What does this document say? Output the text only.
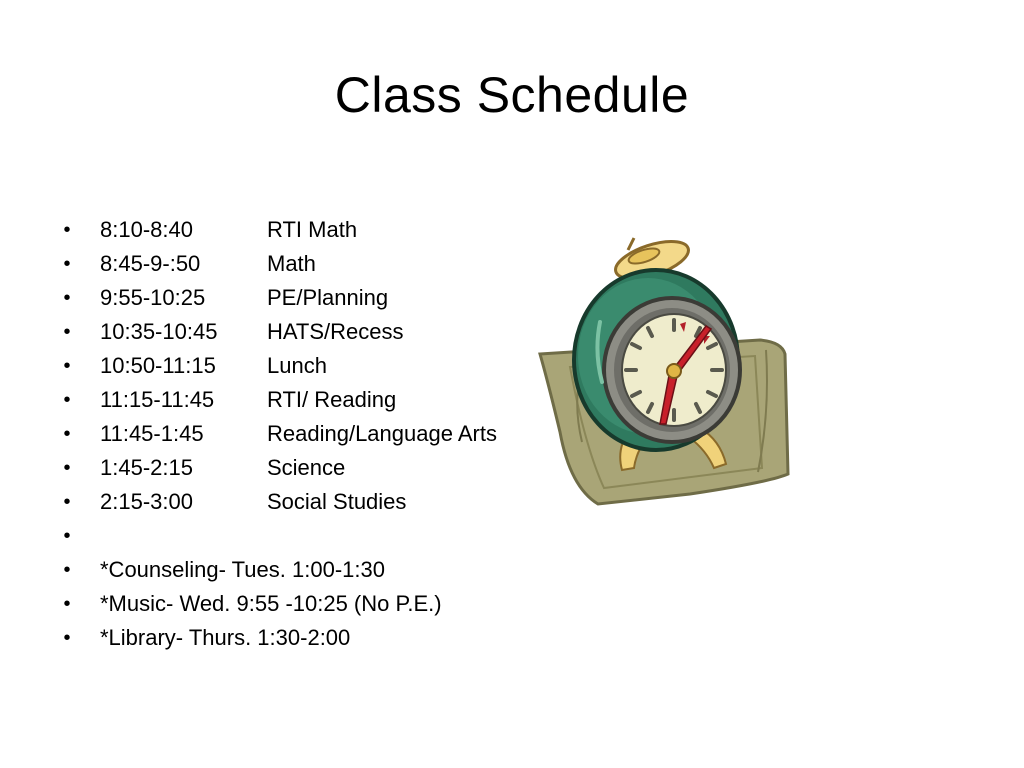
Class Schedule
• 8:10-8:40	RTI Math
• 8:45-9-:50	Math
• 9:55-10:25	PE/Planning
• 10:35-10:45 HATS/Recess
• 10:50-11:15 Lunch
• 11:15-11:45 RTI/ Reading
• 11:45-1:45	Reading/Language Arts
• 1:45-2:15	Science
• 2:15-3:00	Social Studies
•
• *Counseling- Tues. 1:00-1:30
• *Music- Wed. 9:55 -10:25 (No P.E.)
• *Library- Thurs. 1:30-2:00
